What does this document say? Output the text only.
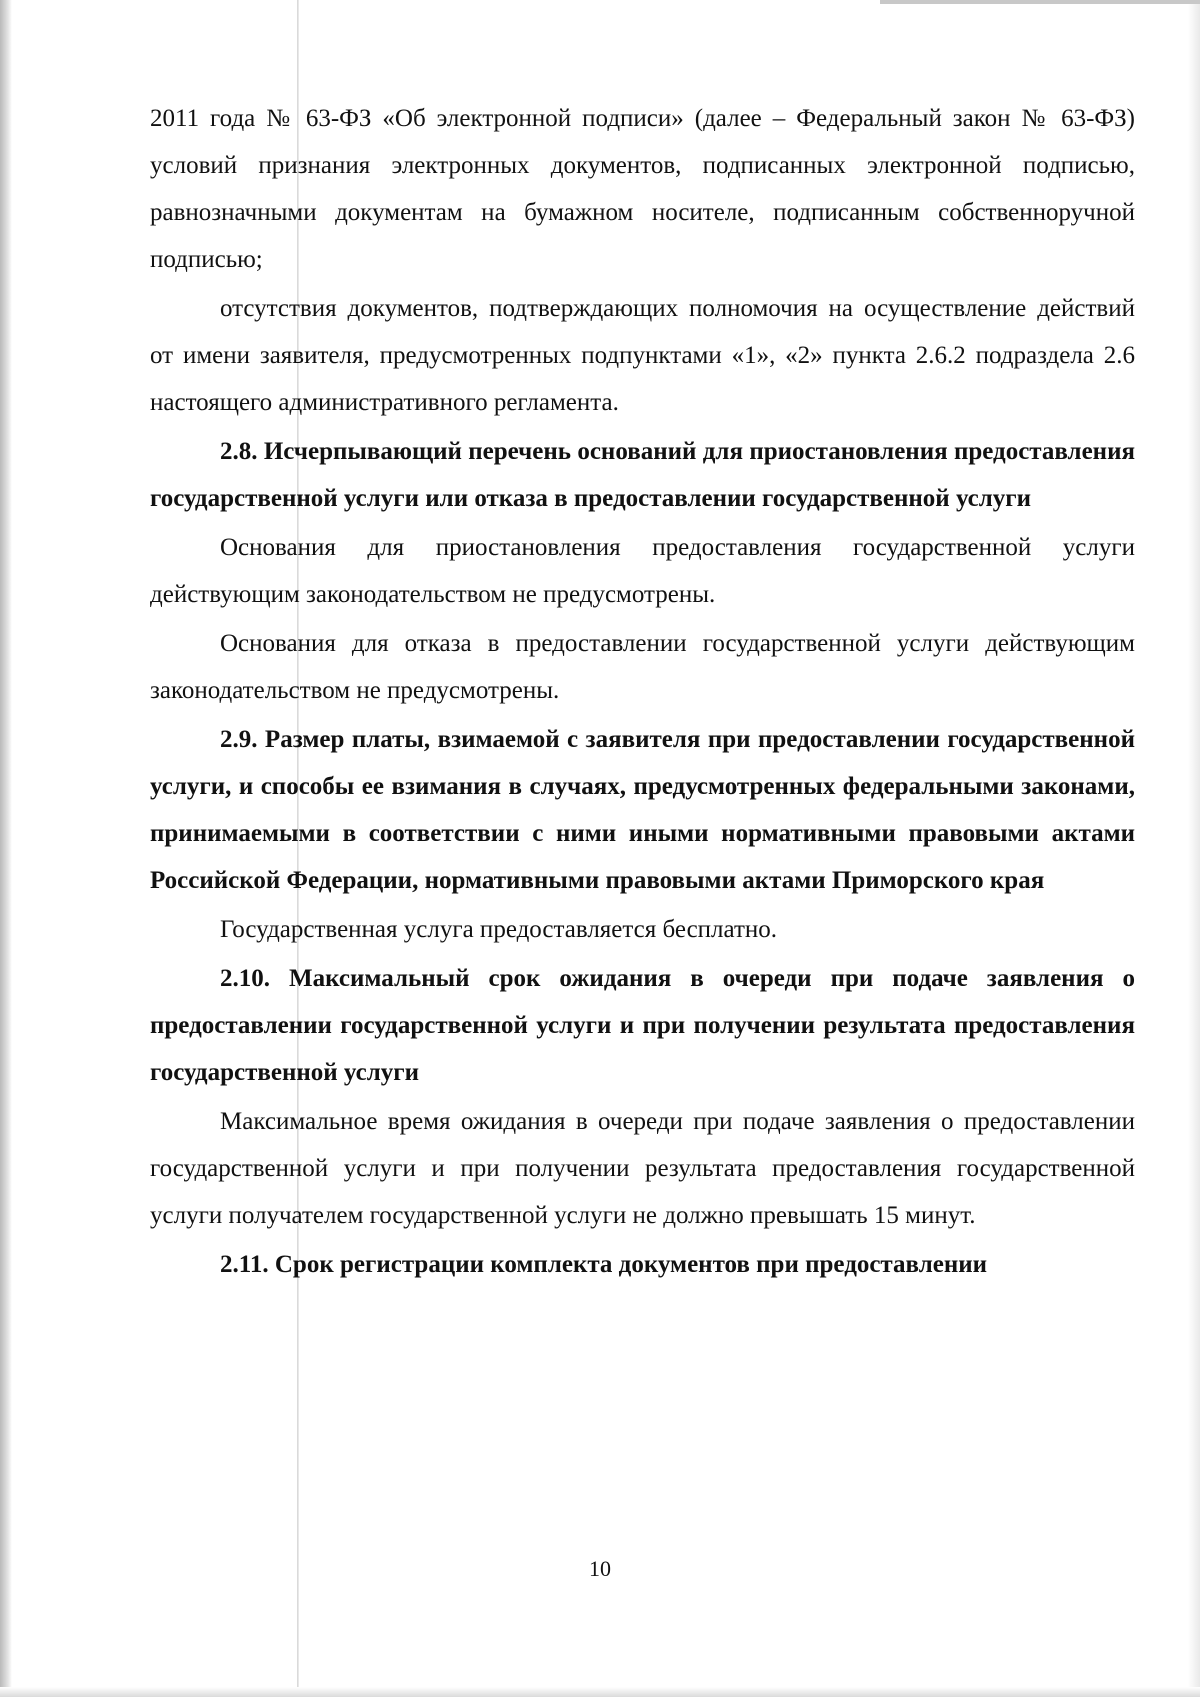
2011 года № 63-ФЗ «Об электронной подписи» (далее – Федеральный закон № 63-ФЗ) условий признания электронных документов, подписанных электронной подписью, равнозначными документам на бумажном носителе, подписанным собственноручной подписью;

отсутствия документов, подтверждающих полномочия на осуществление действий от имени заявителя, предусмотренных подпунктами «1», «2» пункта 2.6.2 подраздела 2.6 настоящего административного регламента.

2.8. Исчерпывающий перечень оснований для приостановления предоставления государственной услуги или отказа в предоставлении государственной услуги

Основания для приостановления предоставления государственной услуги действующим законодательством не предусмотрены.

Основания для отказа в предоставлении государственной услуги действующим законодательством не предусмотрены.

2.9. Размер платы, взимаемой с заявителя при предоставлении государственной услуги, и способы ее взимания в случаях, предусмотренных федеральными законами, принимаемыми в соответствии с ними иными нормативными правовыми актами Российской Федерации, нормативными правовыми актами Приморского края

Государственная услуга предоставляется бесплатно.

2.10. Максимальный срок ожидания в очереди при подаче заявления о предоставлении государственной услуги и при получении результата предоставления государственной услуги

Максимальное время ожидания в очереди при подаче заявления о предоставлении государственной услуги и при получении результата предоставления государственной услуги получателем государственной услуги не должно превышать 15 минут.

2.11. Срок регистрации комплекта документов при предоставлении

10
